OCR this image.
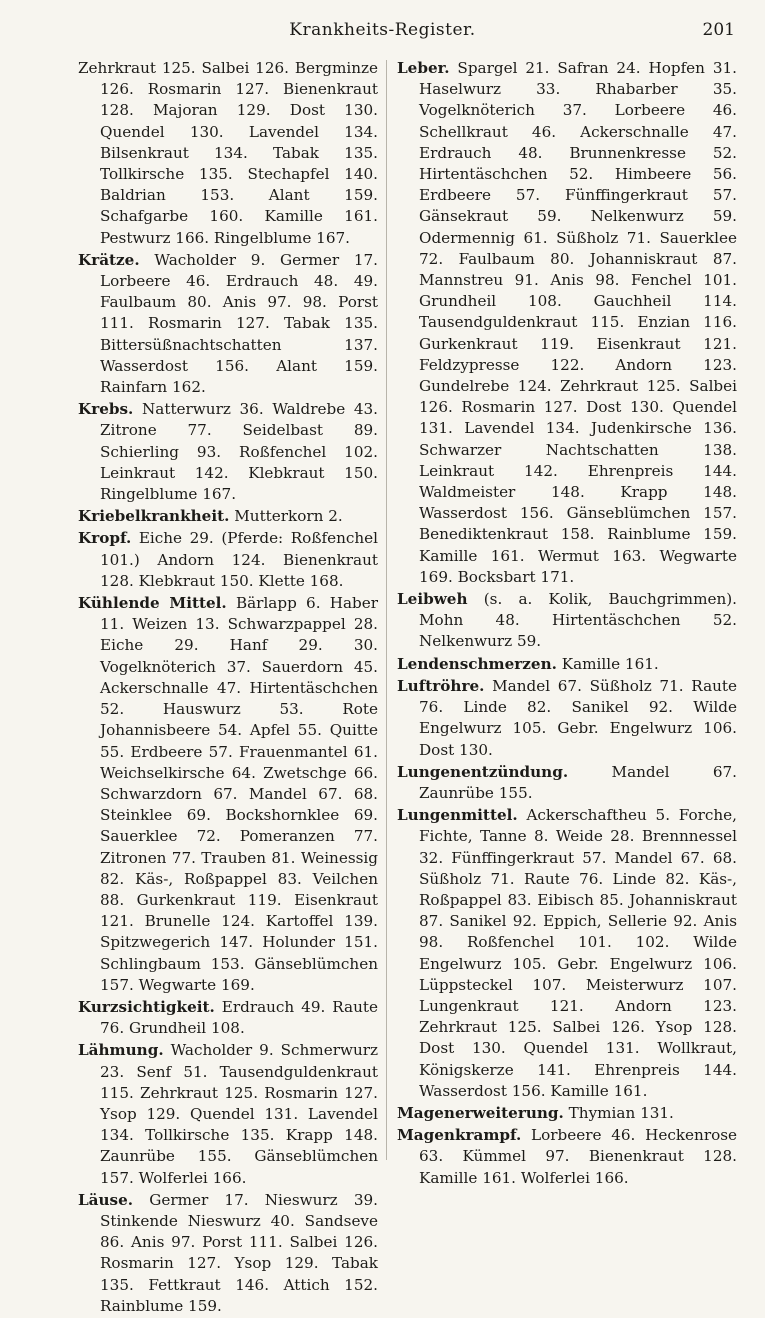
Krankheits-Register.	201

Zehrkraut 125. Salbei 126. Bergminze 126. Rosmarin 127. Bienenkraut 128. Majoran 129. Dost 130. Quendel 130. Lavendel 134. Bilsenkraut 134. Tabak 135. Tollkirsche 135. Stechapfel 140. Baldrian 153. Alant 159. Schafgarbe 160. Kamille 161. Pestwurz 166. Ringelblume 167.

Krätze. Wacholder 9. Germer 17. Lorbeere 46. Erdrauch 48. 49. Faulbaum 80. Anis 97. 98. Porst 111. Rosmarin 127. Tabak 135. Bittersüßnachtschatten 137. Wasserdost 156. Alant 159. Rainfarn 162.

Krebs. Natterwurz 36. Waldrebe 43. Zitrone 77. Seidelbast 89. Schierling 93. Roßfenchel 102. Leinkraut 142. Klebkraut 150. Ringelblume 167.

Kriebelkrankheit. Mutterkorn 2.

Kropf. Eiche 29. (Pferde: Roßfenchel 101.) Andorn 124. Bienenkraut 128. Klebkraut 150. Klette 168.

Kühlende Mittel. Bärlapp 6. Haber 11. Weizen 13. Schwarzpappel 28. Eiche 29. Hanf 29. 30. Vogelknöterich 37. Sauerdorn 45. Ackerschnalle 47. Hirtentäschchen 52. Hauswurz 53. Rote Johannisbeere 54. Apfel 55. Quitte 55. Erdbeere 57. Frauenmantel 61. Weichselkirsche 64. Zwetschge 66. Schwarzdorn 67. Mandel 67. 68. Steinklee 69. Bockshornklee 69. Sauerklee 72. Pomeranzen 77. Zitronen 77. Trauben 81. Weinessig 82. Käs-, Roßpappel 83. Veilchen 88. Gurkenkraut 119. Eisenkraut 121. Brunelle 124. Kartoffel 139. Spitzwegerich 147. Holunder 151. Schlingbaum 153. Gänseblümchen 157. Wegwarte 169.

Kurzsichtigkeit. Erdrauch 49. Raute 76. Grundheil 108.

Lähmung. Wacholder 9. Schmerwurz 23. Senf 51. Tausendguldenkraut 115. Zehrkraut 125. Rosmarin 127. Ysop 129. Quendel 131. Lavendel 134. Tollkirsche 135. Krapp 148. Zaunrübe 155. Gänseblümchen 157. Wolferlei 166.

Läuse. Germer 17. Nieswurz 39. Stinkende Nieswurz 40. Sandseve 86. Anis 97. Porst 111. Salbei 126. Rosmarin 127. Ysop 129. Tabak 135. Fettkraut 146. Attich 152. Rainblume 159.

Leber. Spargel 21. Safran 24. Hopfen 31. Haselwurz 33. Rhabarber 35. Vogelknöterich 37. Lorbeere 46. Schellkraut 46. Ackerschnalle 47. Erdrauch 48. Brunnenkresse 52. Hirtentäschchen 52. Himbeere 56. Erdbeere 57. Fünffingerkraut 57. Gänsekraut 59. Nelkenwurz 59. Odermennig 61. Süßholz 71. Sauerklee 72. Faulbaum 80. Johanniskraut 87. Mannstreu 91. Anis 98. Fenchel 101. Grundheil 108. Gauchheil 114. Tausendguldenkraut 115. Enzian 116. Gurkenkraut 119. Eisenkraut 121. Feldzypresse 122. Andorn 123. Gundelrebe 124. Zehrkraut 125. Salbei 126. Rosmarin 127. Dost 130. Quendel 131. Lavendel 134. Judenkirsche 136. Schwarzer Nachtschatten 138. Leinkraut 142. Ehrenpreis 144. Waldmeister 148. Krapp 148. Wasserdost 156. Gänseblümchen 157. Benediktenkraut 158. Rainblume 159. Kamille 161. Wermut 163. Wegwarte 169. Bocksbart 171.

Leibweh (s. a. Kolik, Bauchgrimmen). Mohn 48. Hirtentäschchen 52. Nelkenwurz 59.

Lendenschmerzen. Kamille 161.

Luftröhre. Mandel 67. Süßholz 71. Raute 76. Linde 82. Sanikel 92. Wilde Engelwurz 105. Gebr. Engelwurz 106. Dost 130.

Lungenentzündung.	Mandel 67. Zaunrübe 155.

Lungenmittel. Ackerschafthеu 5. Forche, Fichte, Tanne 8. Weide 28. Brennnessel 32. Fünffingerkraut 57. Mandel 67. 68. Süßholz 71. Raute 76. Linde 82. Käs-, Roßpappel 83. Eibisch 85. Johanniskraut 87. Sanikel 92. Eppich, Sellerie 92. Anis 98. Roßfenchel 101. 102. Wilde Engelwurz 105. Gebr. Engelwurz 106. Lüppsteckel 107. Meisterwurz 107. Lungenkraut 121. Andorn 123. Zehrkraut 125. Salbei 126. Ysop 128. Dost 130. Quendel 131. Wollkraut, Königskerze 141. Ehrenpreis 144. Wasserdost 156. Kamille 161.

Magenerweiterung. Thymian 131.

Magenkrampf. Lorbeere 46. Heckenrose 63. Kümmel 97. Bienenkraut 128. Kamille 161. Wolferlei 166.
